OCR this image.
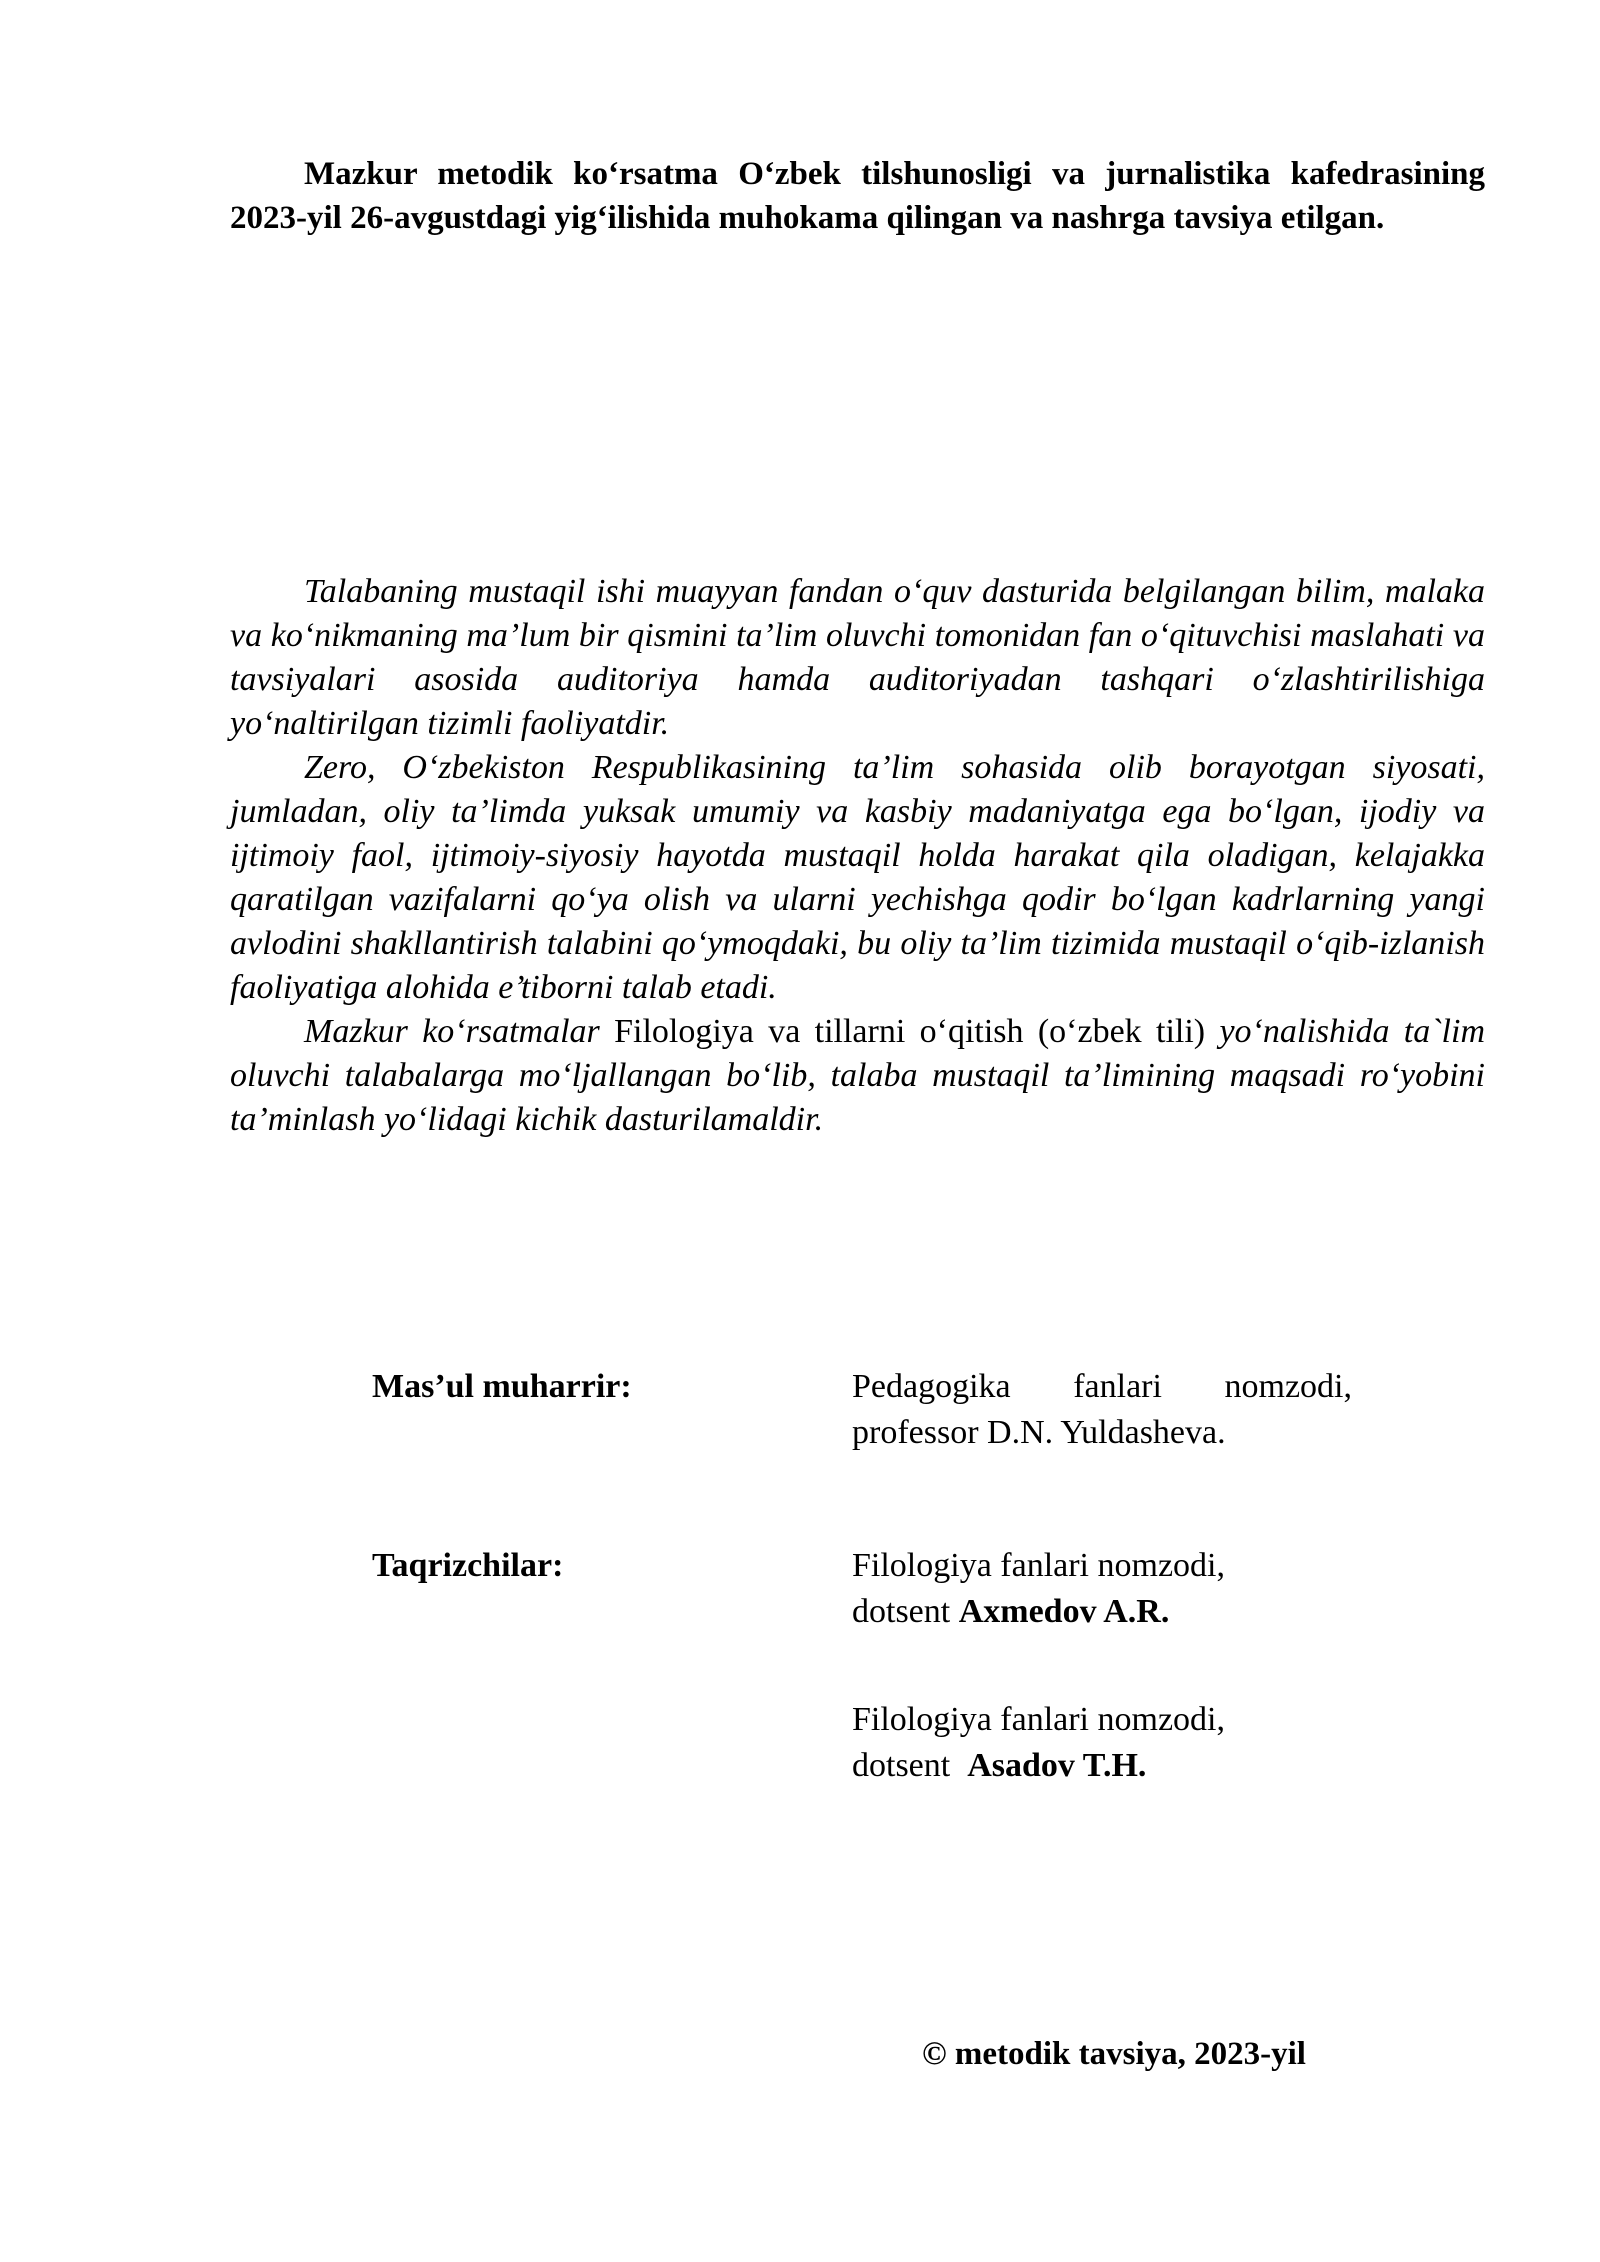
Mazkur metodik ko‘rsatma O‘zbek tilshunosligi va jurnalistika kafedrasining 2023-yil 26-avgustdagi yig‘ilishida muhokama qilingan va nashrga tavsiya etilgan.

Talabaning mustaqil ishi muayyan fandan o‘quv dasturida belgilangan bilim, malaka va ko‘nikmaning ma’lum bir qismini ta’lim oluvchi tomonidan fan o‘qituvchisi maslahati va tavsiyalari asosida auditoriya hamda auditoriyadan tashqari o‘zlashtirilishiga yo‘naltirilgan tizimli faoliyatdir.

Zero, O‘zbekiston Respublikasining ta’lim sohasida olib borayotgan siyosati, jumladan, oliy ta’limda yuksak umumiy va kasbiy madaniyatga ega bo‘lgan, ijodiy va ijtimoiy faol, ijtimoiy-siyosiy hayotda mustaqil holda harakat qila oladigan, kelajakka qaratilgan vazifalarni qo‘ya olish va ularni yechishga qodir bo‘lgan kadrlarning yangi avlodini shakllantirish talabini qo‘ymoqdaki, bu oliy ta’lim tizimida mustaqil o‘qib-izlanish faoliyatiga alohida e’tiborni talab etadi.

Mazkur ko‘rsatmalar Filologiya va tillarni o‘qitish (o‘zbek tili) yo‘nalishida ta`lim oluvchi talabalarga mo‘ljallangan bo‘lib, talaba mustaqil ta’limining maqsadi ro‘yobini ta’minlash yo‘lidagi kichik dasturilamaldir.

Mas’ul muharrir:	Pedagogika fanlari nomzodi,
professor D.N. Yuldasheva.
Taqrizchilar:	Filologiya fanlari nomzodi,
dotsent Axmedov A.R.
Filologiya fanlari nomzodi,
dotsent  Asadov T.H.
© metodik tavsiya, 2023-yil
